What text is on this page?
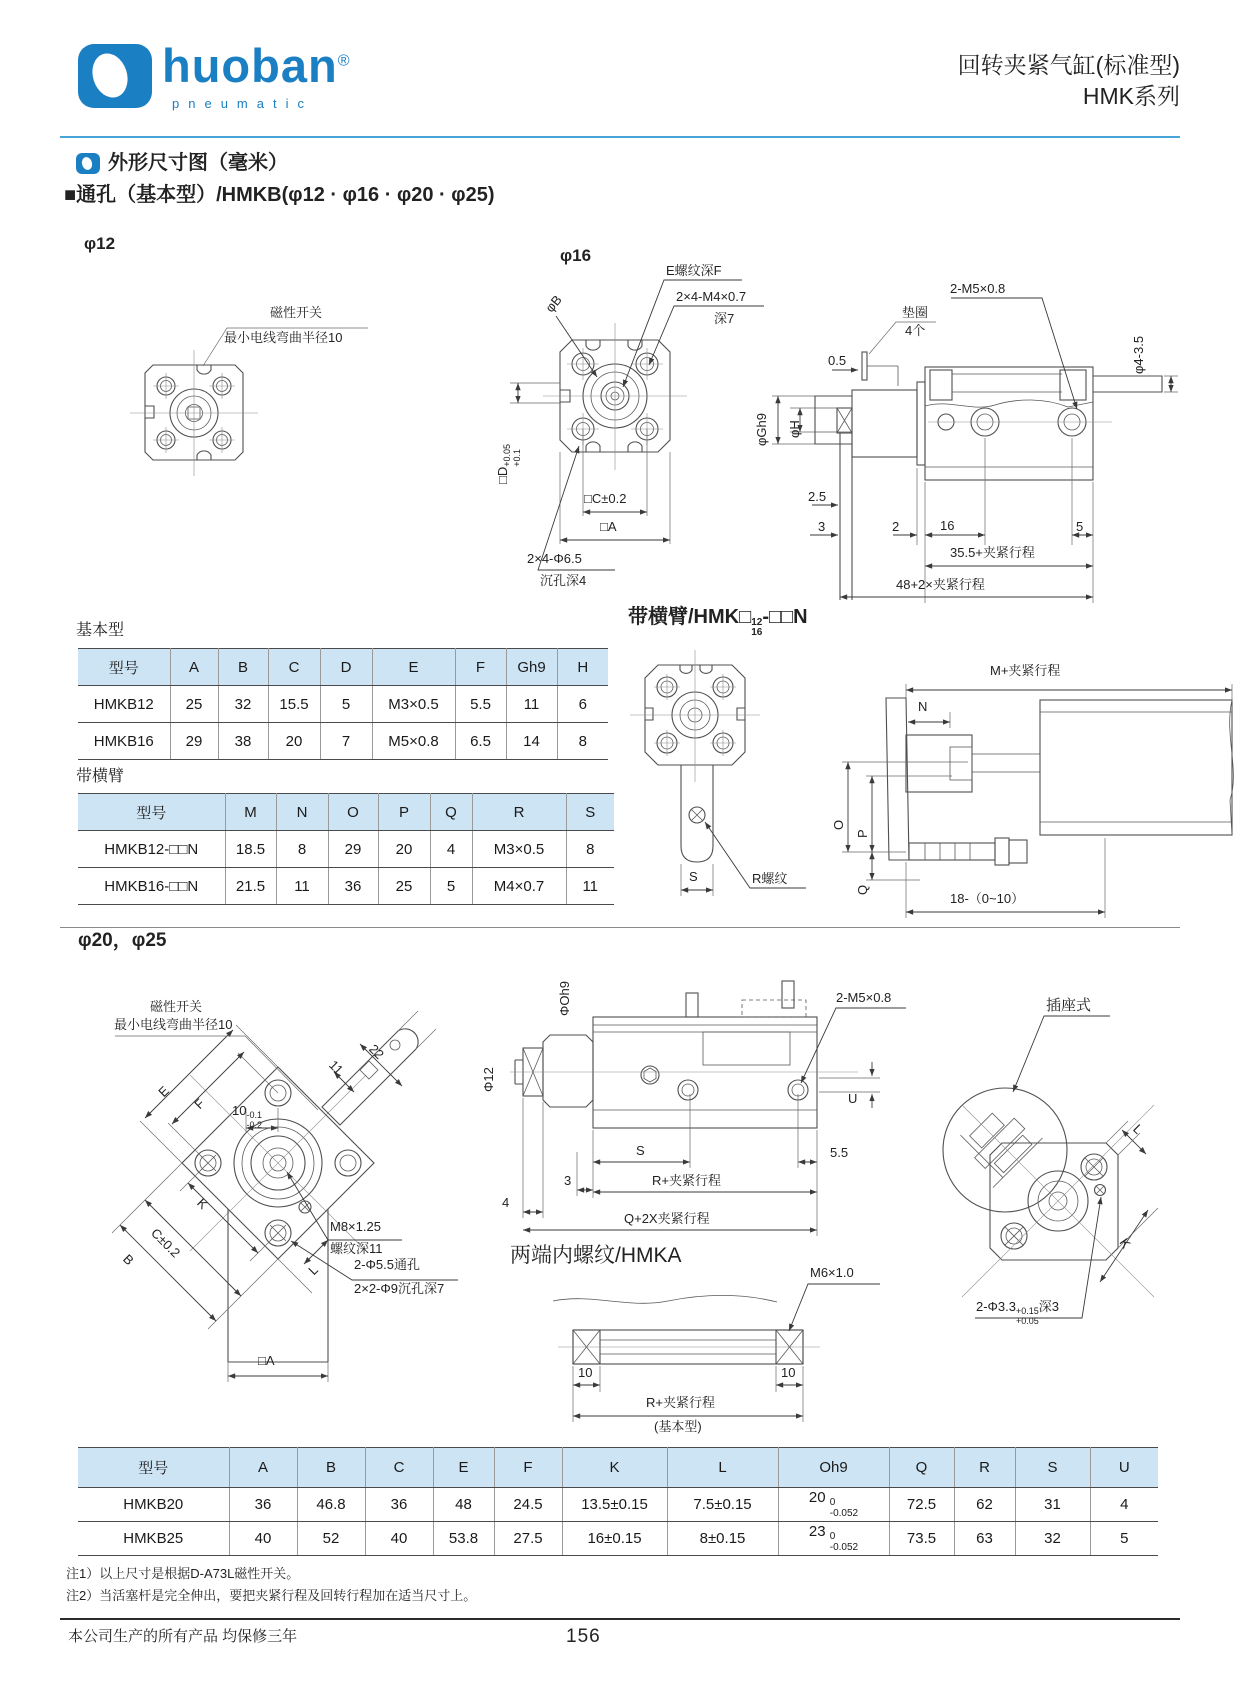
huoban®
pneumatic
回转夹紧气缸(标准型)
HMK系列
外形尺寸图（毫米）
■通孔（基本型）/HMKB(φ12 · φ16 · φ20 · φ25)
φ12
磁性开关
最小电线弯曲半径10
φ16
E螺纹深F
2×4-M4×0.7
深7
φB
□D
+0.05 +0.1
□C±0.2
□A
2×4-Φ6.5
沉孔深4
2-M5×0.8
垫圈
4个
0.5
φGh9 φH
φ4-3.5
2.5
3	2	16	5
35.5+夹紧行程
48+2×夹紧行程
基本型
型号	A	B	C	D	E	F	Gh9	H
HMKB12	25	32	15.5	5	M3×0.5	5.5	11	6
HMKB16	29	38	20	7	M5×0.8	6.5	14	8
带横臂
型号	M	N	O	P	Q	R	S
HMKB12-□□N	18.5	8	29	20	4	M3×0.5	8
HMKB16-□□N	21.5	11	36	25	5	M4×0.7	11
带横臂/HMK□ 12
16
-□□N
M+夹紧行程
N
O
P
Q
S	R螺纹
18-（0~10）
φ20，φ25
磁性开关
最小电线弯曲半径10
E
F 10 -0.1
-0.2
11
22
M8×1.25
螺纹深11
2-Φ5.5通孔
2×2-Φ9沉孔深7
K
C±0.2
B
L
□A
ΦOh9
Φ12
2-M5×0.8
3
S	5.5
R+夹紧行程
4
Q+2X夹紧行程
U
插座式
L
K
2-Φ3.3 +0.15
+0.05
深3
两端内螺纹/HMKA
M6×1.0
10	10
R+夹紧行程
(基本型)
型号	A	B	C	E	F	K	L	Oh9	Q	R	S	U
HMKB20	36	46.8	36	48	24.5	13.5±0.15	7.5±0.15	20 0
-0.052	72.5	62	31	4
HMKB25	40	52	40	53.8	27.5	16±0.15	8±0.15	23 0
-0.052	73.5	63	32	5
注1）以上尺寸是根据D-A73L磁性开关。
注2）当活塞杆是完全伸出，要把夹紧行程及回转行程加在适当尺寸上。
本公司生产的所有产品 均保修三年	156
